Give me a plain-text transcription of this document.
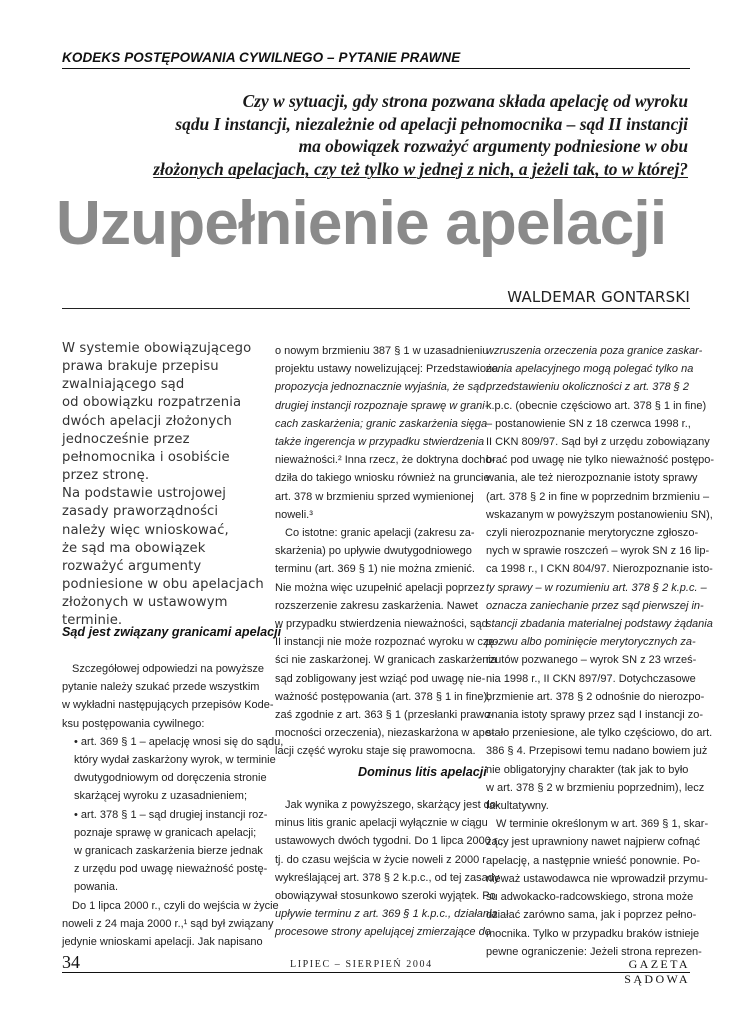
KODEKS POSTĘPOWANIA CYWILNEGO – PYTANIE PRAWNE
Czy w sytuacji, gdy strona pozwana składa apelację od wyroku
sądu I instancji, niezależnie od apelacji pełnomocnika – sąd II instancji
ma obowiązek rozważyć argumenty podniesione w obu
złożonych apelacjach, czy też tylko w jednej z nich, a jeżeli tak, to w której?
Uzupełnienie apelacji
WALDEMAR GONTARSKI
W systemie obowiązującego
prawa brakuje przepisu
zwalniającego sąd
od obowiązku rozpatrzenia
dwóch apelacji złożonych
jednocześnie przez
pełnomocnika i osobiście
przez stronę.
Na podstawie ustrojowej
zasady praworządności
należy więc wnioskować,
że sąd ma obowiązek
rozważyć argumenty
podniesione w obu apelacjach
złożonych w ustawowym
terminie.
Sąd jest związany granicami apelacji
Szczegółowej odpowiedzi na powyższe
pytanie należy szukać przede wszystkim
w wykładni następujących przepisów Kode-
ksu postępowania cywilnego:
• art. 369 § 1 – apelację wnosi się do sądu,
który wydał zaskarżony wyrok, w terminie
dwutygodniowym od doręczenia stronie
skarżącej wyroku z uzasadnieniem;
• art. 378 § 1 – sąd drugiej instancji roz-
poznaje sprawę w granicach apelacji;
w granicach zaskarżenia bierze jednak
z urzędu pod uwagę nieważność postę-
powania.
Do 1 lipca 2000 r., czyli do wejścia w życie
noweli z 24 maja 2000 r.,¹ sąd był związany
jedynie wnioskami apelacji. Jak napisano
o nowym brzmieniu 387 § 1 w uzasadnieniu
projektu ustawy nowelizującej: Przedstawiona
propozycja jednoznacznie wyjaśnia, że sąd
drugiej instancji rozpoznaje sprawę w grani-
cach zaskarżenia; granic zaskarżenia sięga
także ingerencja w przypadku stwierdzenia
nieważności.² Inna rzecz, że doktryna docho-
dziła do takiego wniosku również na gruncie
art. 378 w brzmieniu sprzed wymienionej
noweli.³
Co istotne: granic apelacji (zakresu za-
skarżenia) po upływie dwutygodniowego
terminu (art. 369 § 1) nie można zmienić.
Nie można więc uzupełnić apelacji poprzez
rozszerzenie zakresu zaskarżenia. Nawet
w przypadku stwierdzenia nieważności, sąd
II instancji nie może rozpoznać wyroku w czę-
ści nie zaskarżonej. W granicach zaskarżenia
sąd zobligowany jest wziąć pod uwagę nie-
ważność postępowania (art. 378 § 1 in fine),
zaś zgodnie z art. 363 § 1 (przesłanki prawo-
mocności orzeczenia), niezaskarżona w ape-
lacji część wyroku staje się prawomocna.
Dominus litis apelacji
Jak wynika z powyższego, skarżący jest do-
minus litis granic apelacji wyłącznie w ciągu
ustawowych dwóch tygodni. Do 1 lipca 2000 r.,
tj. do czasu wejścia w życie noweli z 2000 r.
wykreślającej art. 378 § 2 k.p.c., od tej zasady
obowiązywał stosunkowo szeroki wyjątek. Po
upływie terminu z art. 369 § 1 k.p.c., działania
procesowe strony apelującej zmierzające do
wzruszenia orzeczenia poza granice zaskar-
żenia apelacyjnego mogą polegać tylko na
przedstawieniu okoliczności z art. 378 § 2
k.p.c. (obecnie częściowo art. 378 § 1 in fine)
– postanowienie SN z 18 czerwca 1998 r.,
II CKN 809/97. Sąd był z urzędu zobowiązany
brać pod uwagę nie tylko nieważność postępo-
wania, ale też nierozpoznanie istoty sprawy
(art. 378 § 2 in fine w poprzednim brzmieniu –
wskazanym w powyższym postanowieniu SN),
czyli nierozpoznanie merytoryczne zgłoszo-
nych w sprawie roszczeń – wyrok SN z 16 lip-
ca 1998 r., I CKN 804/97. Nierozpoznanie isto-
ty sprawy – w rozumieniu art. 378 § 2 k.p.c. –
oznacza zaniechanie przez sąd pierwszej in-
stancji zbadania materialnej podstawy żądania
pozwu albo pominięcie merytorycznych za-
rzutów pozwanego – wyrok SN z 23 wrześ-
nia 1998 r., II CKN 897/97. Dotychczasowe
brzmienie art. 378 § 2 odnośnie do nierozpo-
znania istoty sprawy przez sąd I instancji zo-
stało przeniesione, ale tylko częściowo, do art.
386 § 4. Przepisowi temu nadano bowiem już
nie obligatoryjny charakter (tak jak to było
w art. 378 § 2 w brzmieniu poprzednim), lecz
fakultatywny.
W terminie określonym w art. 369 § 1, skar-
żący jest uprawniony nawet najpierw cofnąć
apelację, a następnie wnieść ponownie. Po-
nieważ ustawodawca nie wprowadził przymu-
su adwokacko-radcowskiego, strona może
działać zarówno sama, jak i poprzez pełno-
mocnika. Tylko w przypadku braków istnieje
pewne ograniczenie: Jeżeli strona reprezen-
34	LIPIEC – SIERPIEŃ 2004	GAZETA SĄDOWA
